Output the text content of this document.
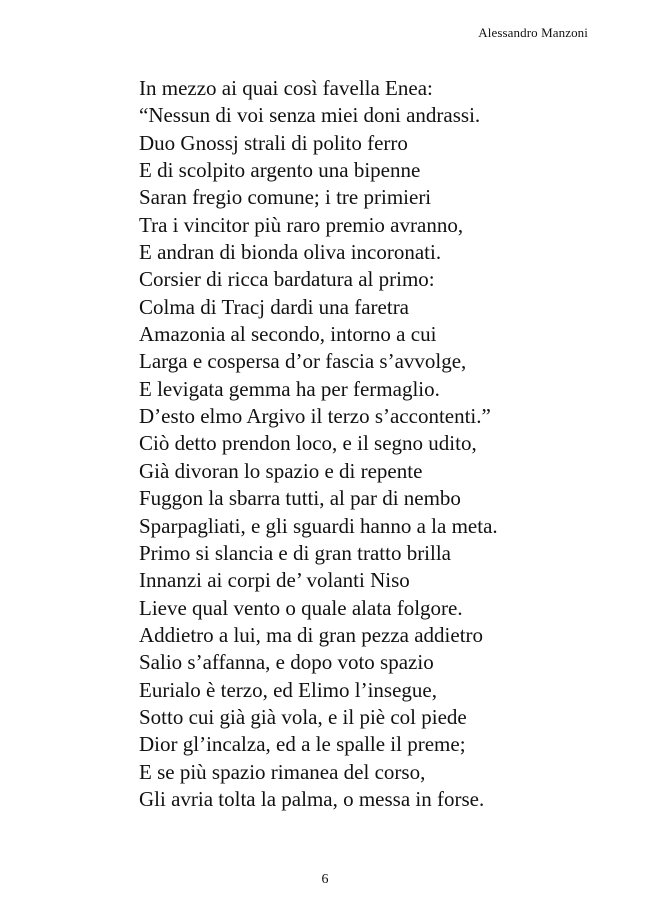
Alessandro Manzoni
In mezzo ai quai così favella Enea:
“Nessun di voi senza miei doni andrassi.
Duo Gnossj strali di polito ferro
E di scolpito argento una bipenne
Saran fregio comune; i tre primieri
Tra i vincitor più raro premio avranno,
E andran di bionda oliva incoronati.
Corsier di ricca bardatura al primo:
Colma di Tracj dardi una faretra
Amazonia al secondo, intorno a cui
Larga e cospersa d’or fascia s’avvolge,
E levigata gemma ha per fermaglio.
D’esto elmo Argivo il terzo s’accontenti.”
Ciò detto prendon loco, e il segno udito,
Già divoran lo spazio e di repente
Fuggon la sbarra tutti, al par di nembo
Sparpagliati, e gli sguardi hanno a la meta.
Primo si slancia e di gran tratto brilla
Innanzi ai corpi de’ volanti Niso
Lieve qual vento o quale alata folgore.
Addietro a lui, ma di gran pezza addietro
Salio s’affanna, e dopo voto spazio
Eurialo è terzo, ed Elimo l’insegue,
Sotto cui già già vola, e il piè col piede
Dior gl’incalza, ed a le spalle il preme;
E se più spazio rimanea del corso,
Gli avria tolta la palma, o messa in forse.
6
